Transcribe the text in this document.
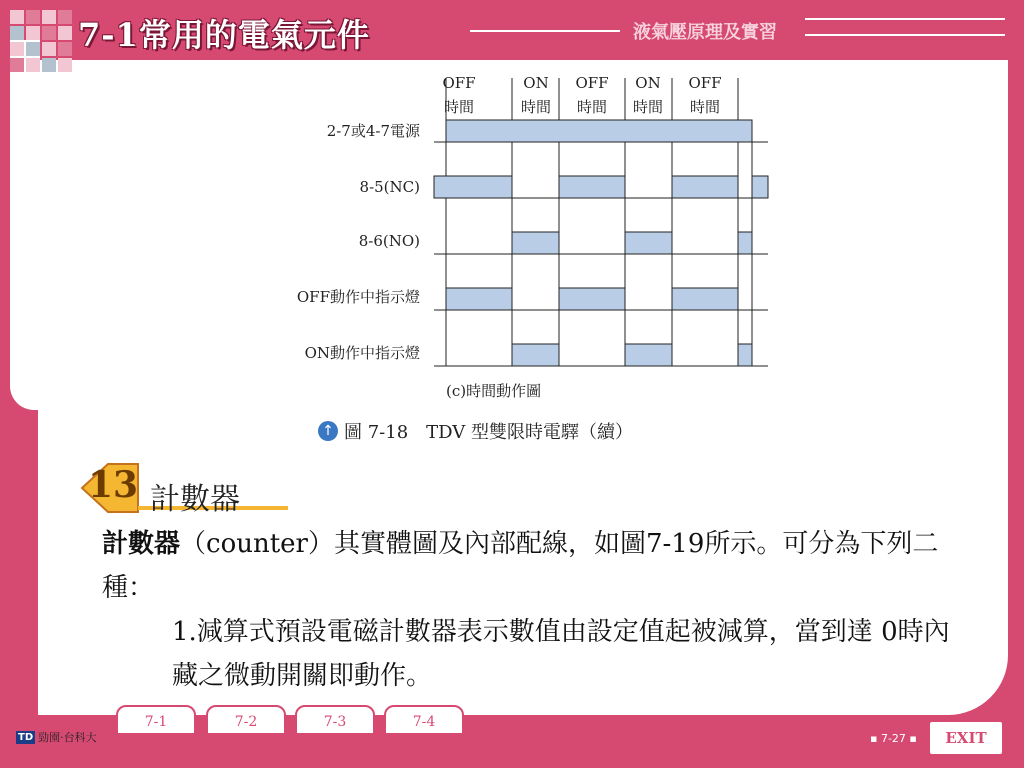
7-1常用的電氣元件	液氣壓原理及實習
OFF
時間
ON
時間
OFF
時間
ON
時間
OFF
時間
2-7或4-7電源
8-5(NC)
8-6(NO)
OFF動作中指示燈
ON動作中指示燈
(c)時間動作圖
↑ 圖 7-18　TDV 型雙限時電驛（續）
13 計數器

計數器（counter）其實體圖及內部配線，如圖7-19所示。可分為下列二種：

1.減算式預設電磁計數器表示數值由設定值起被減算，當到達 0時內藏之微動開關即動作。

TD 勁園·台科大
7-1	7-2	7-3	7-4
▪ 7-27 ▪	EXIT
